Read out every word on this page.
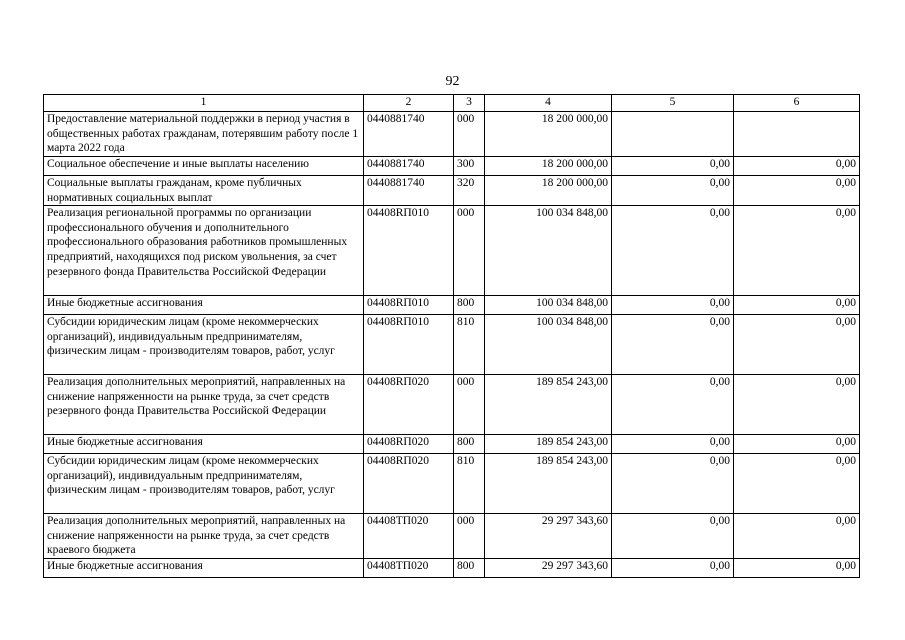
92
1	2	3	4	5	6
Предоставление материальной поддержки в период участия в общественных работах гражданам, потерявшим работу после 1 марта 2022 года	0440881740	000	18 200 000,00		
Социальное обеспечение и иные выплаты населению	0440881740	300	18 200 000,00	0,00	0,00
Социальные выплаты гражданам, кроме публичных нормативных социальных выплат	0440881740	320	18 200 000,00	0,00	0,00
Реализация региональной программы по организации профессионального обучения и дополнительного профессионального образования работников промышленных предприятий, находящихся под риском увольнения, за счет резервного фонда Правительства Российской Федерации	04408RП010	000	100 034 848,00	0,00	0,00
Иные бюджетные ассигнования	04408RП010	800	100 034 848,00	0,00	0,00
Субсидии юридическим лицам (кроме некоммерческих организаций), индивидуальным предпринимателям, физическим лицам - производителям товаров, работ, услуг	04408RП010	810	100 034 848,00	0,00	0,00
Реализация дополнительных мероприятий, направленных на снижение напряженности на рынке труда, за счет средств резервного фонда Правительства Российской Федерации	04408RП020	000	189 854 243,00	0,00	0,00
Иные бюджетные ассигнования	04408RП020	800	189 854 243,00	0,00	0,00
Субсидии юридическим лицам (кроме некоммерческих организаций), индивидуальным предпринимателям, физическим лицам - производителям товаров, работ, услуг	04408RП020	810	189 854 243,00	0,00	0,00
Реализация дополнительных мероприятий, направленных на снижение напряженности на рынке труда, за счет средств краевого бюджета	04408TП020	000	29 297 343,60	0,00	0,00
Иные бюджетные ассигнования	04408TП020	800	29 297 343,60	0,00	0,00
